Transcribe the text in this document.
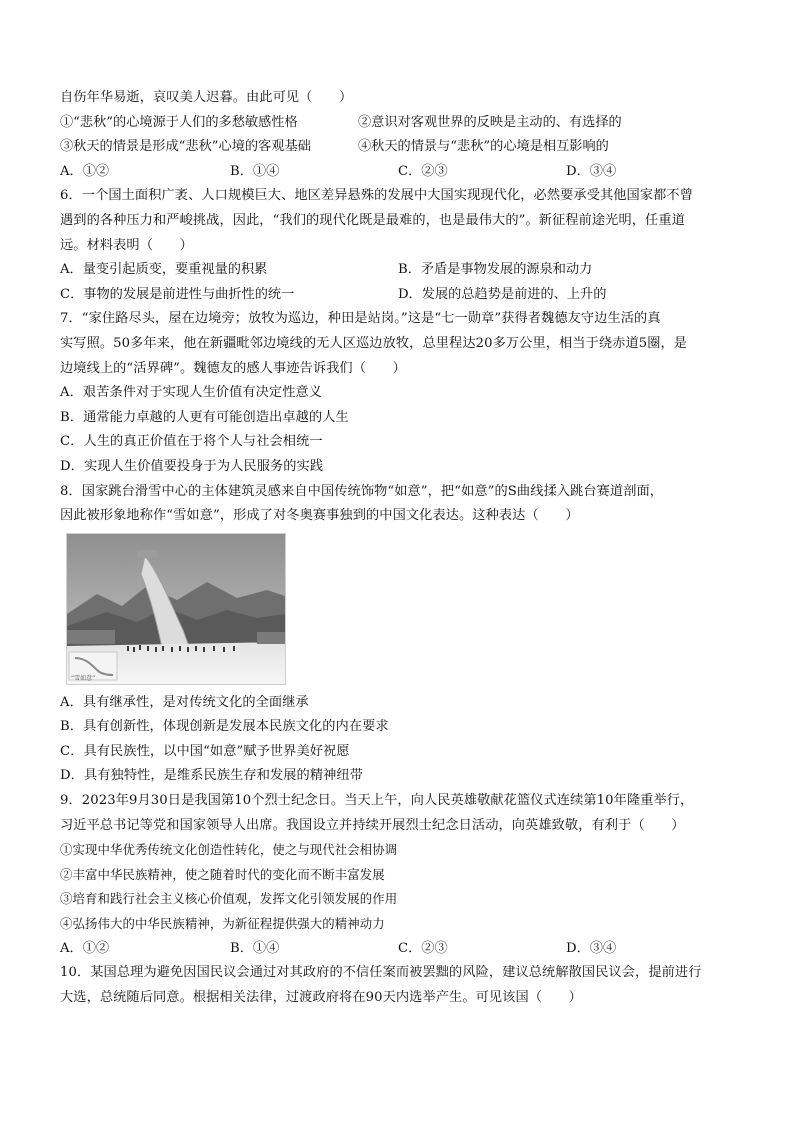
自伤年华易逝，哀叹美人迟暮。由此可见（　　）
①“悲秋”的心境源于人们的多愁敏感性格	②意识对客观世界的反映是主动的、有选择的
③秋天的情景是形成“悲秋”心境的客观基础	④秋天的情景与“悲秋”的心境是相互影响的
A．①②	B．①④	C．②③	D．③④
6．一个国土面积广袤、人口规模巨大、地区差异悬殊的发展中大国实现现代化，必然要承受其他国家都不曾
遇到的各种压力和严峻挑战，因此，“我们的现代化既是最难的，也是最伟大的”。新征程前途光明，任重道
远。材料表明（　　）
A．量变引起质变，要重视量的积累	B．矛盾是事物发展的源泉和动力
C．事物的发展是前进性与曲折性的统一	D．发展的总趋势是前进的、上升的
7．“家住路尽头，屋在边境旁；放牧为巡边，种田是站岗。”这是“七一勋章”获得者魏德友守边生活的真
实写照。50多年来，他在新疆毗邻边境线的无人区巡边放牧，总里程达20多万公里，相当于绕赤道5圈，是
边境线上的“活界碑”。魏德友的感人事迹告诉我们（　　）
A．艰苦条件对于实现人生价值有决定性意义
B．通常能力卓越的人更有可能创造出卓越的人生
C．人生的真正价值在于将个人与社会相统一
D．实现人生价值要投身于为人民服务的实践
8．国家跳台滑雪中心的主体建筑灵感来自中国传统饰物“如意”，把“如意”的S曲线揉入跳台赛道剖面，
因此被形象地称作“雪如意”，形成了对冬奥赛事独到的中国文化表达。这种表达（　　）
“雪如意”
A．具有继承性，是对传统文化的全面继承
B．具有创新性，体现创新是发展本民族文化的内在要求
C．具有民族性，以中国“如意”赋予世界美好祝愿
D．具有独特性，是维系民族生存和发展的精神纽带
9．2023年9月30日是我国第10个烈士纪念日。当天上午，向人民英雄敬献花篮仪式连续第10年隆重举行，
习近平总书记等党和国家领导人出席。我国设立并持续开展烈士纪念日活动，向英雄致敬，有利于（　　）
①实现中华优秀传统文化创造性转化，使之与现代社会相协调
②丰富中华民族精神，使之随着时代的变化而不断丰富发展
③培育和践行社会主义核心价值观，发挥文化引领发展的作用
④弘扬伟大的中华民族精神，为新征程提供强大的精神动力
A．①②	B．①④	C．②③	D．③④
10．某国总理为避免因国民议会通过对其政府的不信任案而被罢黜的风险，建议总统解散国民议会，提前进行
大选，总统随后同意。根据相关法律，过渡政府将在90天内选举产生。可见该国（　　）
